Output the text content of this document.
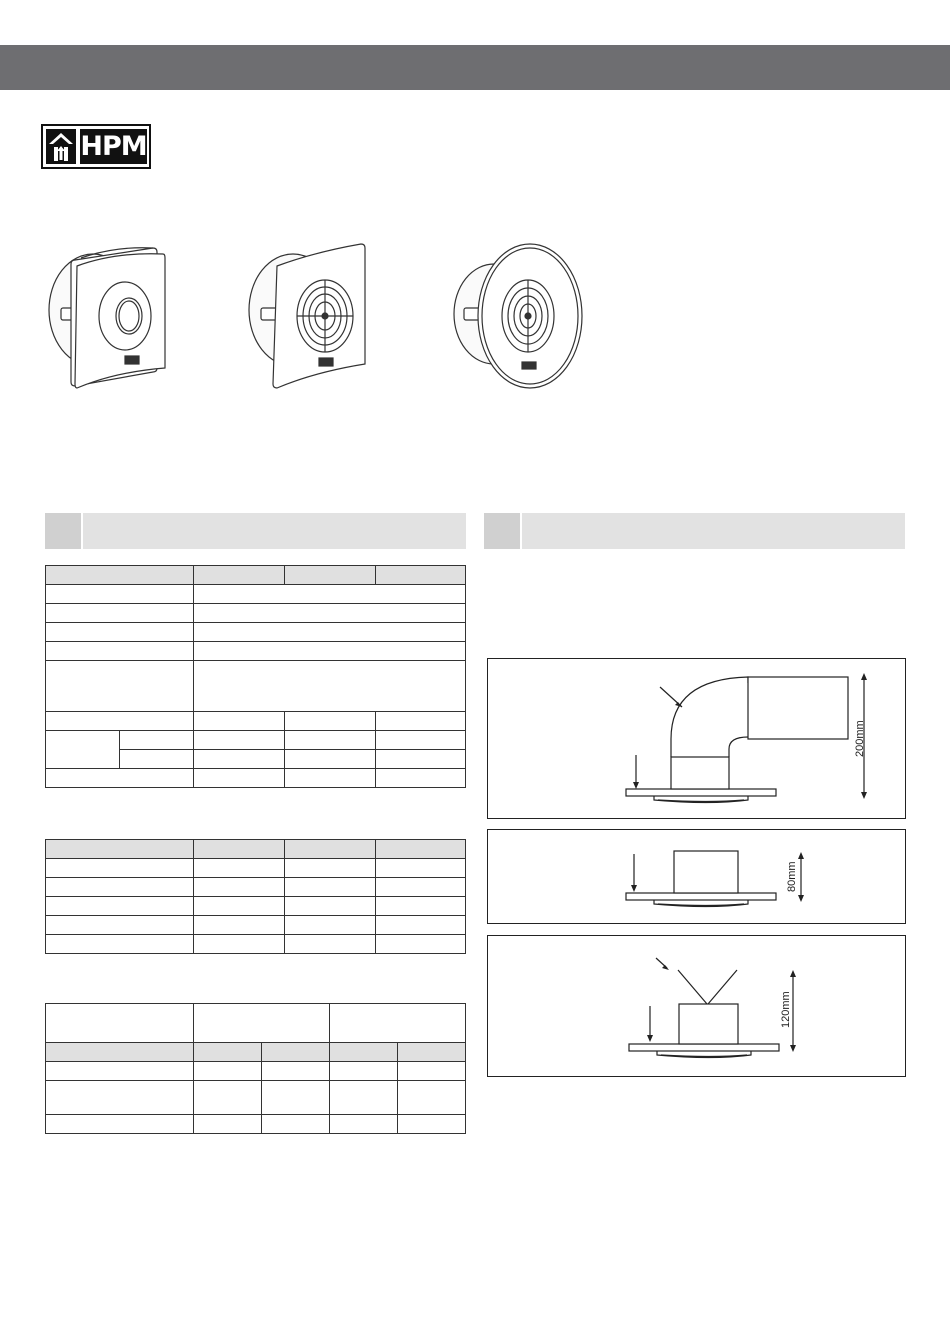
HPM

200mm
80mm
120mm
